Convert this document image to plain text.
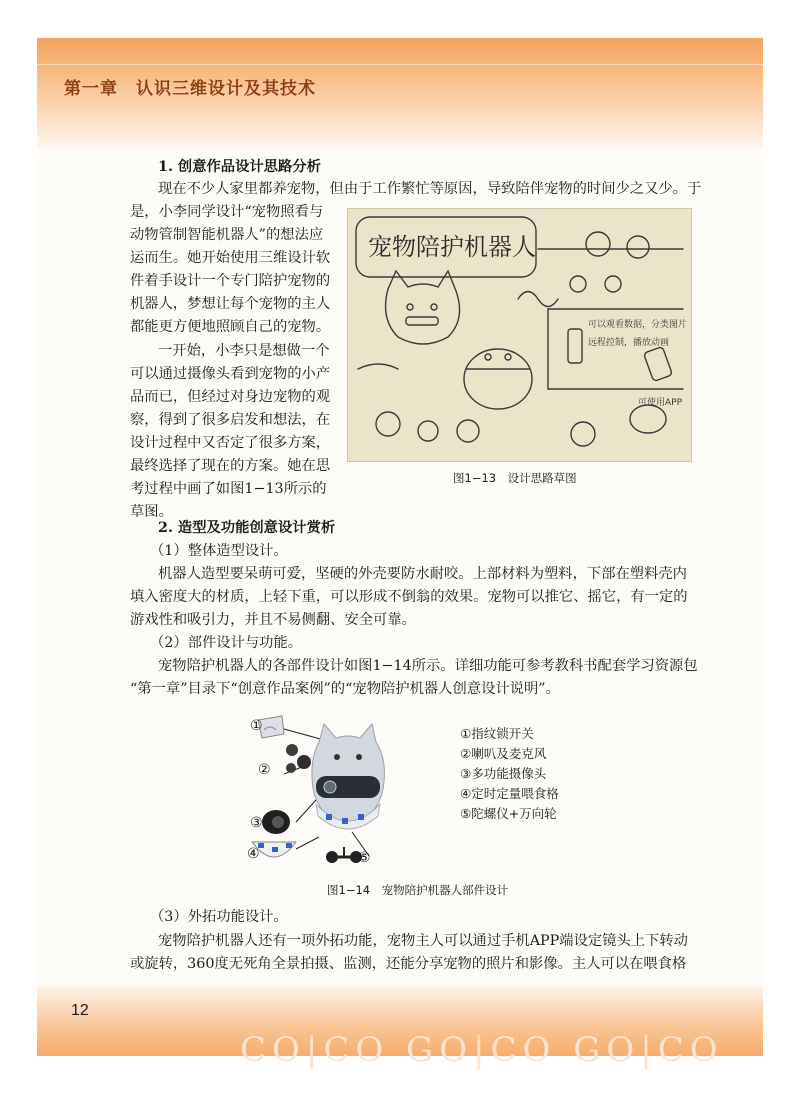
第一章　认识三维设计及其技术
1. 创意作品设计思路分析
现在不少人家里都养宠物，但由于工作繁忙等原因，导致陪伴宠物的时间少之又少。于
是，小李同学设计“宠物照看与
动物管制智能机器人”的想法应
运而生。她开始使用三维设计软
件着手设计一个专门陪护宠物的
机器人，梦想让每个宠物的主人
都能更方便地照顾自己的宠物。
一开始，小李只是想做一个
可以通过摄像头看到宠物的小产
品而已，但经过对身边宠物的观
察，得到了很多启发和想法，在
设计过程中又否定了很多方案，
最终选择了现在的方案。她在思
考过程中画了如图1−13所示的
草图。
宠物陪护机器人
可以观看数据，分类图片
远程控制，播放动画
可使用APP
图1−13　设计思路草图
2. 造型及功能创意设计赏析
（1）整体造型设计。
机器人造型要呆萌可爱，坚硬的外壳要防水耐咬。上部材料为塑料，下部在塑料壳内
填入密度大的材质，上轻下重，可以形成不倒翁的效果。宠物可以推它、摇它，有一定的
游戏性和吸引力，并且不易侧翻、安全可靠。
（2）部件设计与功能。
宠物陪护机器人的各部件设计如图1−14所示。详细功能可参考教科书配套学习资源包
“第一章”目录下“创意作品案例”的“宠物陪护机器人创意设计说明”。
①
②
③
④	⑤
①指纹锁开关
②喇叭及麦克风
③多功能摄像头
④定时定量喂食格
⑤陀螺仪+万向轮
图1−14　宠物陪护机器人部件设计
（3）外拓功能设计。
宠物陪护机器人还有一项外拓功能，宠物主人可以通过手机APP端设定镜头上下转动
或旋转，360度无死角全景拍摄、监测，还能分享宠物的照片和影像。主人可以在喂食格
CO|CO GO|CO GO|CO
12
